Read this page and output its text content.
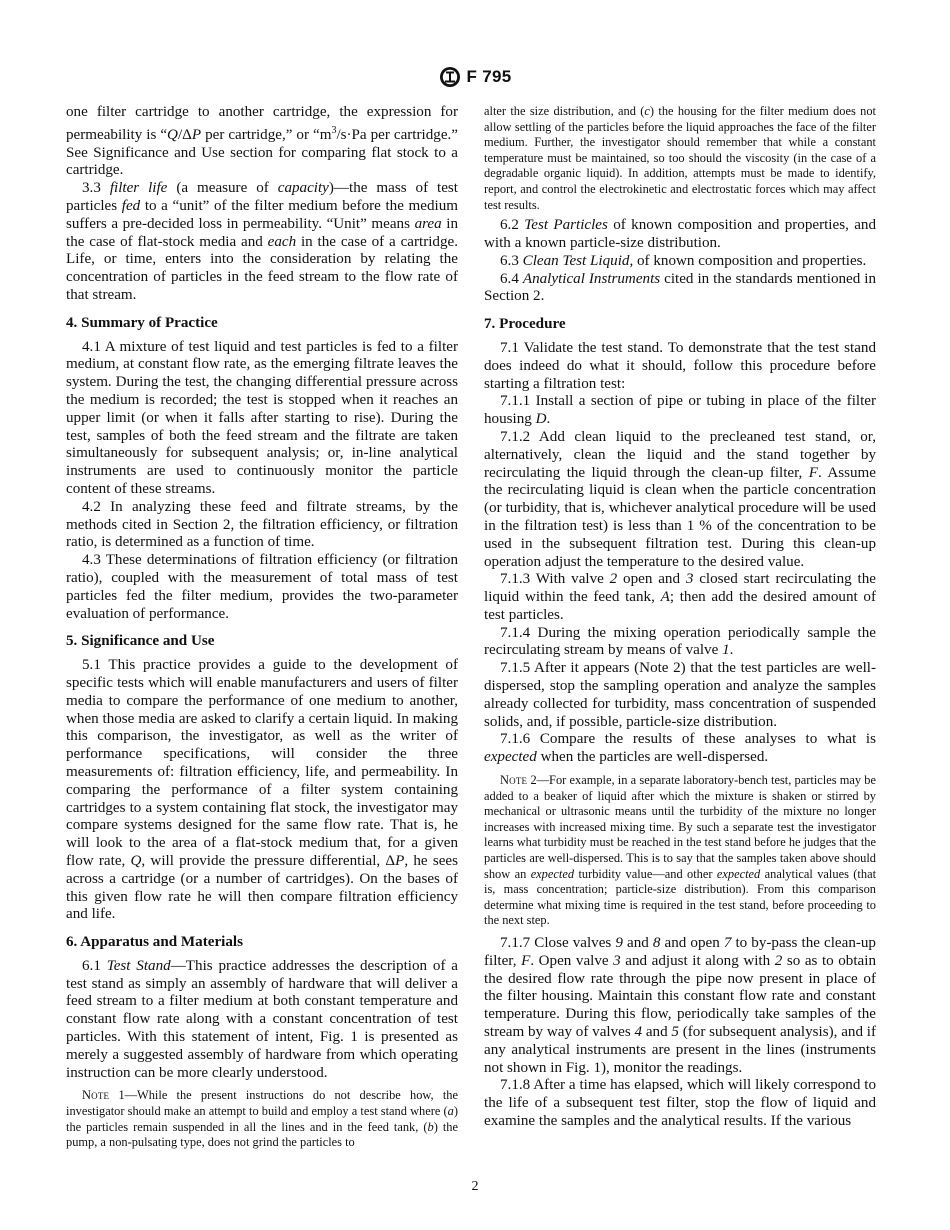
F 795

one filter cartridge to another cartridge, the expression for permeability is “Q/ΔP per cartridge,” or “$m^3/s\cdot Pa$ per cartridge.” See Significance and Use section for comparing flat stock to a cartridge.

3.3 filter life (a measure of capacity)—the mass of test particles fed to a “unit” of the filter medium before the medium suffers a pre-decided loss in permeability. “Unit” means area in the case of flat-stock media and each in the case of a cartridge. Life, or time, enters into the consideration by relating the concentration of particles in the feed stream to the flow rate of that stream.

4. Summary of Practice

4.1 A mixture of test liquid and test particles is fed to a filter medium, at constant flow rate, as the emerging filtrate leaves the system. During the test, the changing differential pressure across the medium is recorded; the test is stopped when it reaches an upper limit (or when it falls after starting to rise). During the test, samples of both the feed stream and the filtrate are taken simultaneously for subsequent analysis; or, in-line analytical instruments are used to continuously monitor the particle content of these streams.

4.2 In analyzing these feed and filtrate streams, by the methods cited in Section 2, the filtration efficiency, or filtration ratio, is determined as a function of time.

4.3 These determinations of filtration efficiency (or filtration ratio), coupled with the measurement of total mass of test particles fed the filter medium, provides the two-parameter evaluation of performance.

5. Significance and Use

5.1 This practice provides a guide to the development of specific tests which will enable manufacturers and users of filter media to compare the performance of one medium to another, when those media are asked to clarify a certain liquid. In making this comparison, the investigator, as well as the writer of performance specifications, will consider the three measurements of: filtration efficiency, life, and permeability. In comparing the performance of a filter system containing cartridges to a system containing flat stock, the investigator may compare systems designed for the same flow rate. That is, he will look to the area of a flat-stock medium that, for a given flow rate, Q, will provide the pressure differential, ΔP, he sees across a cartridge (or a number of cartridges). On the bases of this given flow rate he will then compare filtration efficiency and life.

6. Apparatus and Materials

6.1 Test Stand—This practice addresses the description of a test stand as simply an assembly of hardware that will deliver a feed stream to a filter medium at both constant temperature and constant flow rate along with a constant concentration of test particles. With this statement of intent, Fig. 1 is presented as merely a suggested assembly of hardware from which operating instruction can be more clearly understood.

Note 1—While the present instructions do not describe how, the investigator should make an attempt to build and employ a test stand where (a) the particles remain suspended in all the lines and in the feed tank, (b) the pump, a non-pulsating type, does not grind the particles to

alter the size distribution, and (c) the housing for the filter medium does not allow settling of the particles before the liquid approaches the face of the filter medium. Further, the investigator should remember that while a constant temperature must be maintained, so too should the viscosity (in the case of a degradable organic liquid). In addition, attempts must be made to identify, report, and control the electrokinetic and electrostatic forces which may affect test results.

6.2 Test Particles of known composition and properties, and with a known particle-size distribution.

6.3 Clean Test Liquid, of known composition and properties.

6.4 Analytical Instruments cited in the standards mentioned in Section 2.

7. Procedure

7.1 Validate the test stand. To demonstrate that the test stand does indeed do what it should, follow this procedure before starting a filtration test:

7.1.1 Install a section of pipe or tubing in place of the filter housing D.

7.1.2 Add clean liquid to the precleaned test stand, or, alternatively, clean the liquid and the stand together by recirculating the liquid through the clean-up filter, F. Assume the recirculating liquid is clean when the particle concentration (or turbidity, that is, whichever analytical procedure will be used in the filtration test) is less than 1 % of the concentration to be used in the subsequent filtration test. During this clean-up operation adjust the temperature to the desired value.

7.1.3 With valve 2 open and 3 closed start recirculating the liquid within the feed tank, A; then add the desired amount of test particles.

7.1.4 During the mixing operation periodically sample the recirculating stream by means of valve 1.

7.1.5 After it appears (Note 2) that the test particles are well-dispersed, stop the sampling operation and analyze the samples already collected for turbidity, mass concentration of suspended solids, and, if possible, particle-size distribution.

7.1.6 Compare the results of these analyses to what is expected when the particles are well-dispersed.

Note 2—For example, in a separate laboratory-bench test, particles may be added to a beaker of liquid after which the mixture is shaken or stirred by mechanical or ultrasonic means until the turbidity of the mixture no longer increases with increased mixing time. By such a separate test the investigator learns what turbidity must be reached in the test stand before he judges that the particles are well-dispersed. This is to say that the samples taken above should show an expected turbidity value—and other expected analytical values (that is, mass concentration; particle-size distribution). From this comparison determine what mixing time is required in the test stand, before proceeding to the next step.

7.1.7 Close valves 9 and 8 and open 7 to by-pass the clean-up filter, F. Open valve 3 and adjust it along with 2 so as to obtain the desired flow rate through the pipe now present in place of the filter housing. Maintain this constant flow rate and constant temperature. During this flow, periodically take samples of the stream by way of valves 4 and 5 (for subsequent analysis), and if any analytical instruments are present in the lines (instruments not shown in Fig. 1), monitor the readings.

7.1.8 After a time has elapsed, which will likely correspond to the life of a subsequent test filter, stop the flow of liquid and examine the samples and the analytical results. If the various

2
